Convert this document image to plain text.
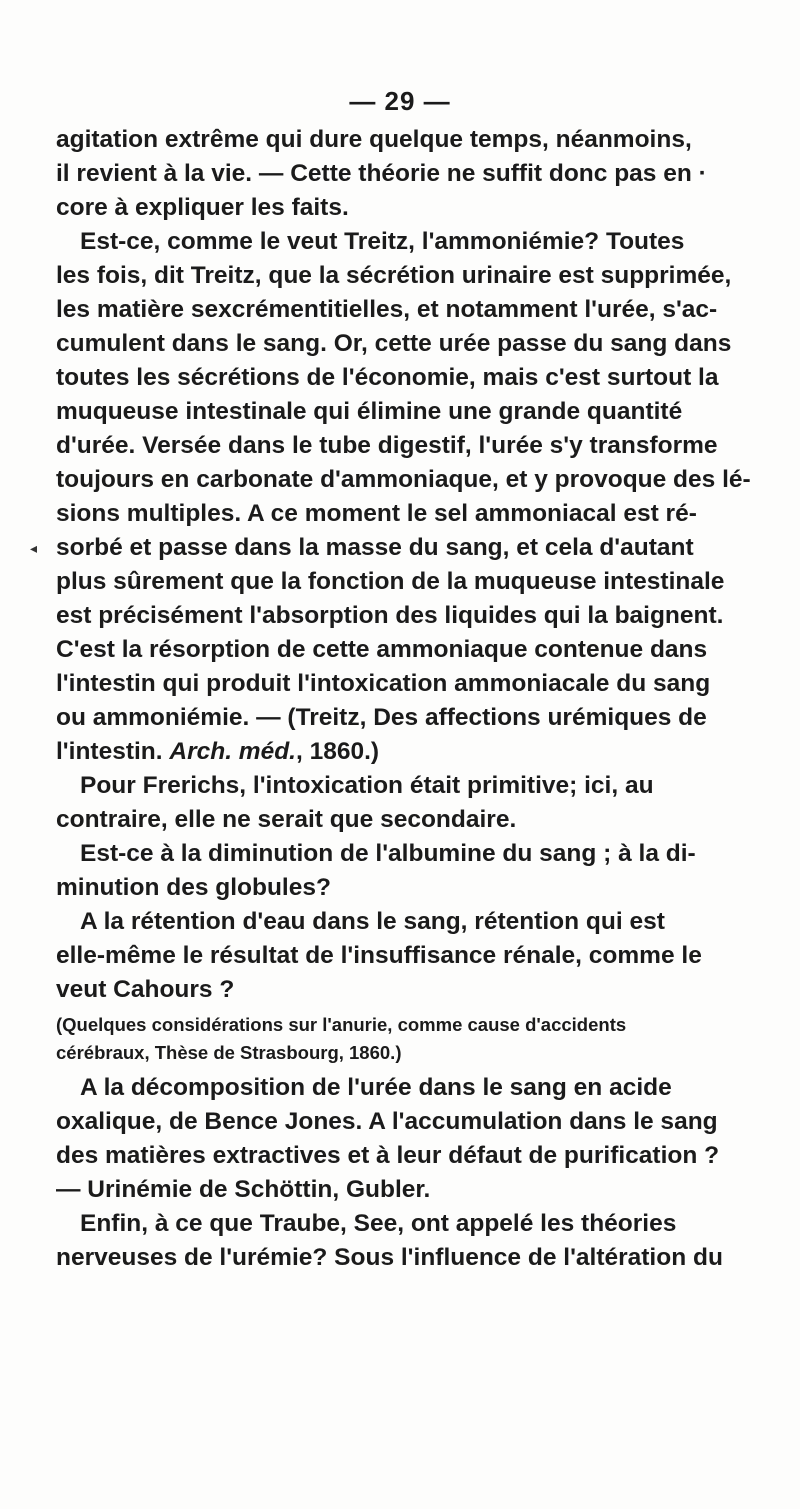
— 29 —
◂
agitation extrême qui dure quelque temps, néanmoins,
il revient à la vie. — Cette théorie ne suffit donc pas en ·
core à expliquer les faits.
Est-ce, comme le veut Treitz, l'ammoniémie? Toutes
les fois, dit Treitz, que la sécrétion urinaire est supprimée,
les matière sexcrémentitielles, et notamment l'urée, s'ac-
cumulent dans le sang. Or, cette urée passe du sang dans
toutes les sécrétions de l'économie, mais c'est surtout la
muqueuse intestinale qui élimine une grande quantité
d'urée. Versée dans le tube digestif, l'urée s'y transforme
toujours en carbonate d'ammoniaque, et y provoque des lé-
sions multiples. A ce moment le sel ammoniacal est ré-
sorbé et passe dans la masse du sang, et cela d'autant
plus sûrement que la fonction de la muqueuse intestinale
est précisément l'absorption des liquides qui la baignent.
C'est la résorption de cette ammoniaque contenue dans
l'intestin qui produit l'intoxication ammoniacale du sang
ou ammoniémie. — (Treitz, Des affections urémiques de
l'intestin. Arch. méd., 1860.)
Pour Frerichs, l'intoxication était primitive; ici, au
contraire, elle ne serait que secondaire.
Est-ce à la diminution de l'albumine du sang ; à la di-
minution des globules?
A la rétention d'eau dans le sang, rétention qui est
elle-même le résultat de l'insuffisance rénale, comme le
veut Cahours ?
(Quelques considérations sur l'anurie, comme cause d'accidents
cérébraux, Thèse de Strasbourg, 1860.)
A la décomposition de l'urée dans le sang en acide
oxalique, de Bence Jones. A l'accumulation dans le sang
des matières extractives et à leur défaut de purification ?
— Urinémie de Schöttin, Gubler.
Enfin, à ce que Traube, See, ont appelé les théories
nerveuses de l'urémie? Sous l'influence de l'altération du
